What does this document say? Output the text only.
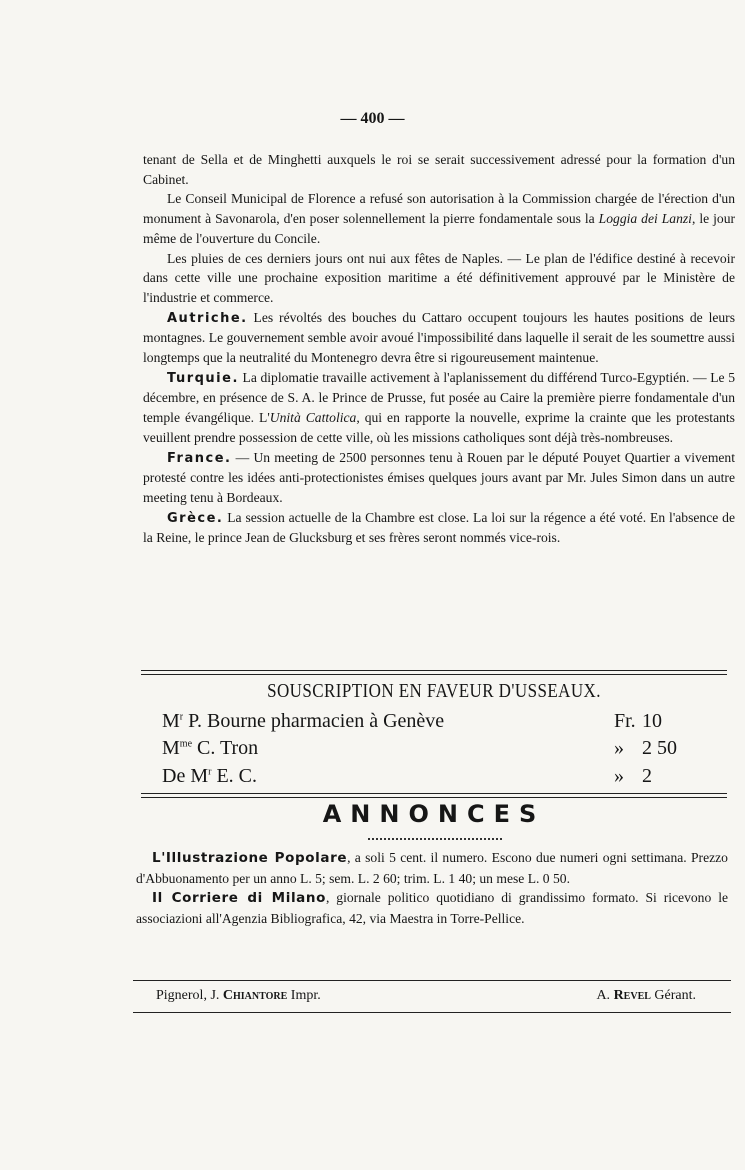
— 400 —

tenant de Sella et de Minghetti auxquels le roi se serait successivement adressé pour la formation d'un Cabinet.

Le Conseil Municipal de Florence a refusé son autorisation à la Commission chargée de l'érection d'un monument à Savonarola, d'en poser solennellement la pierre fondamentale sous la Loggia dei Lanzi, le jour même de l'ouverture du Concile.

Les pluies de ces derniers jours ont nui aux fêtes de Naples. — Le plan de l'édifice destiné à recevoir dans cette ville une prochaine exposition maritime a été définitivement approuvé par le Ministère de l'industrie et commerce.

Autriche. Les révoltés des bouches du Cattaro occupent toujours les hautes positions de leurs montagnes. Le gouvernement semble avoir avoué l'impossibilité dans laquelle il serait de les soumettre aussi longtemps que la neutralité du Montenegro devra être si rigoureusement maintenue.

Turquie. La diplomatie travaille activement à l'aplanissement du différend Turco-Egyptién. — Le 5 décembre, en présence de S. A. le Prince de Prusse, fut posée au Caire la première pierre fondamentale d'un temple évangélique. L'Unità Cattolica, qui en rapporte la nouvelle, exprime la crainte que les protestants veuillent prendre possession de cette ville, où les missions catholiques sont déjà très-nombreuses.

France. — Un meeting de 2500 personnes tenu à Rouen par le député Pouyet Quartier a vivement protesté contre les idées anti-protectionistes émises quelques jours avant par Mr. Jules Simon dans un autre meeting tenu à Bordeaux.

Grèce. La session actuelle de la Chambre est close. La loi sur la régence a été voté. En l'absence de la Reine, le prince Jean de Glucksburg et ses frères seront nommés vice-rois.

SOUSCRIPTION EN FAVEUR D'USSEAUX.
$M^r$ P. Bourne pharmacien à Genève	Fr. 10
$M^{me}$ C. Tron	» 2 50
De $M^r$ E. C.	» 2
ANNONCES

L'Illustrazione Popolare, a soli 5 cent. il numero. Escono due numeri ogni settimana. Prezzo d'Abbuonamento per un anno L. 5; sem. L. 2 60; trim. L. 1 40; un mese L. 0 50.

Il Corriere di Milano, giornale politico quotidiano di grandissimo formato. Si ricevono le associazioni all'Agenzia Bibliografica, 42, via Maestra in Torre-Pellice.

Pignerol, J. Chiantore Impr.	A. Revel Gérant.
